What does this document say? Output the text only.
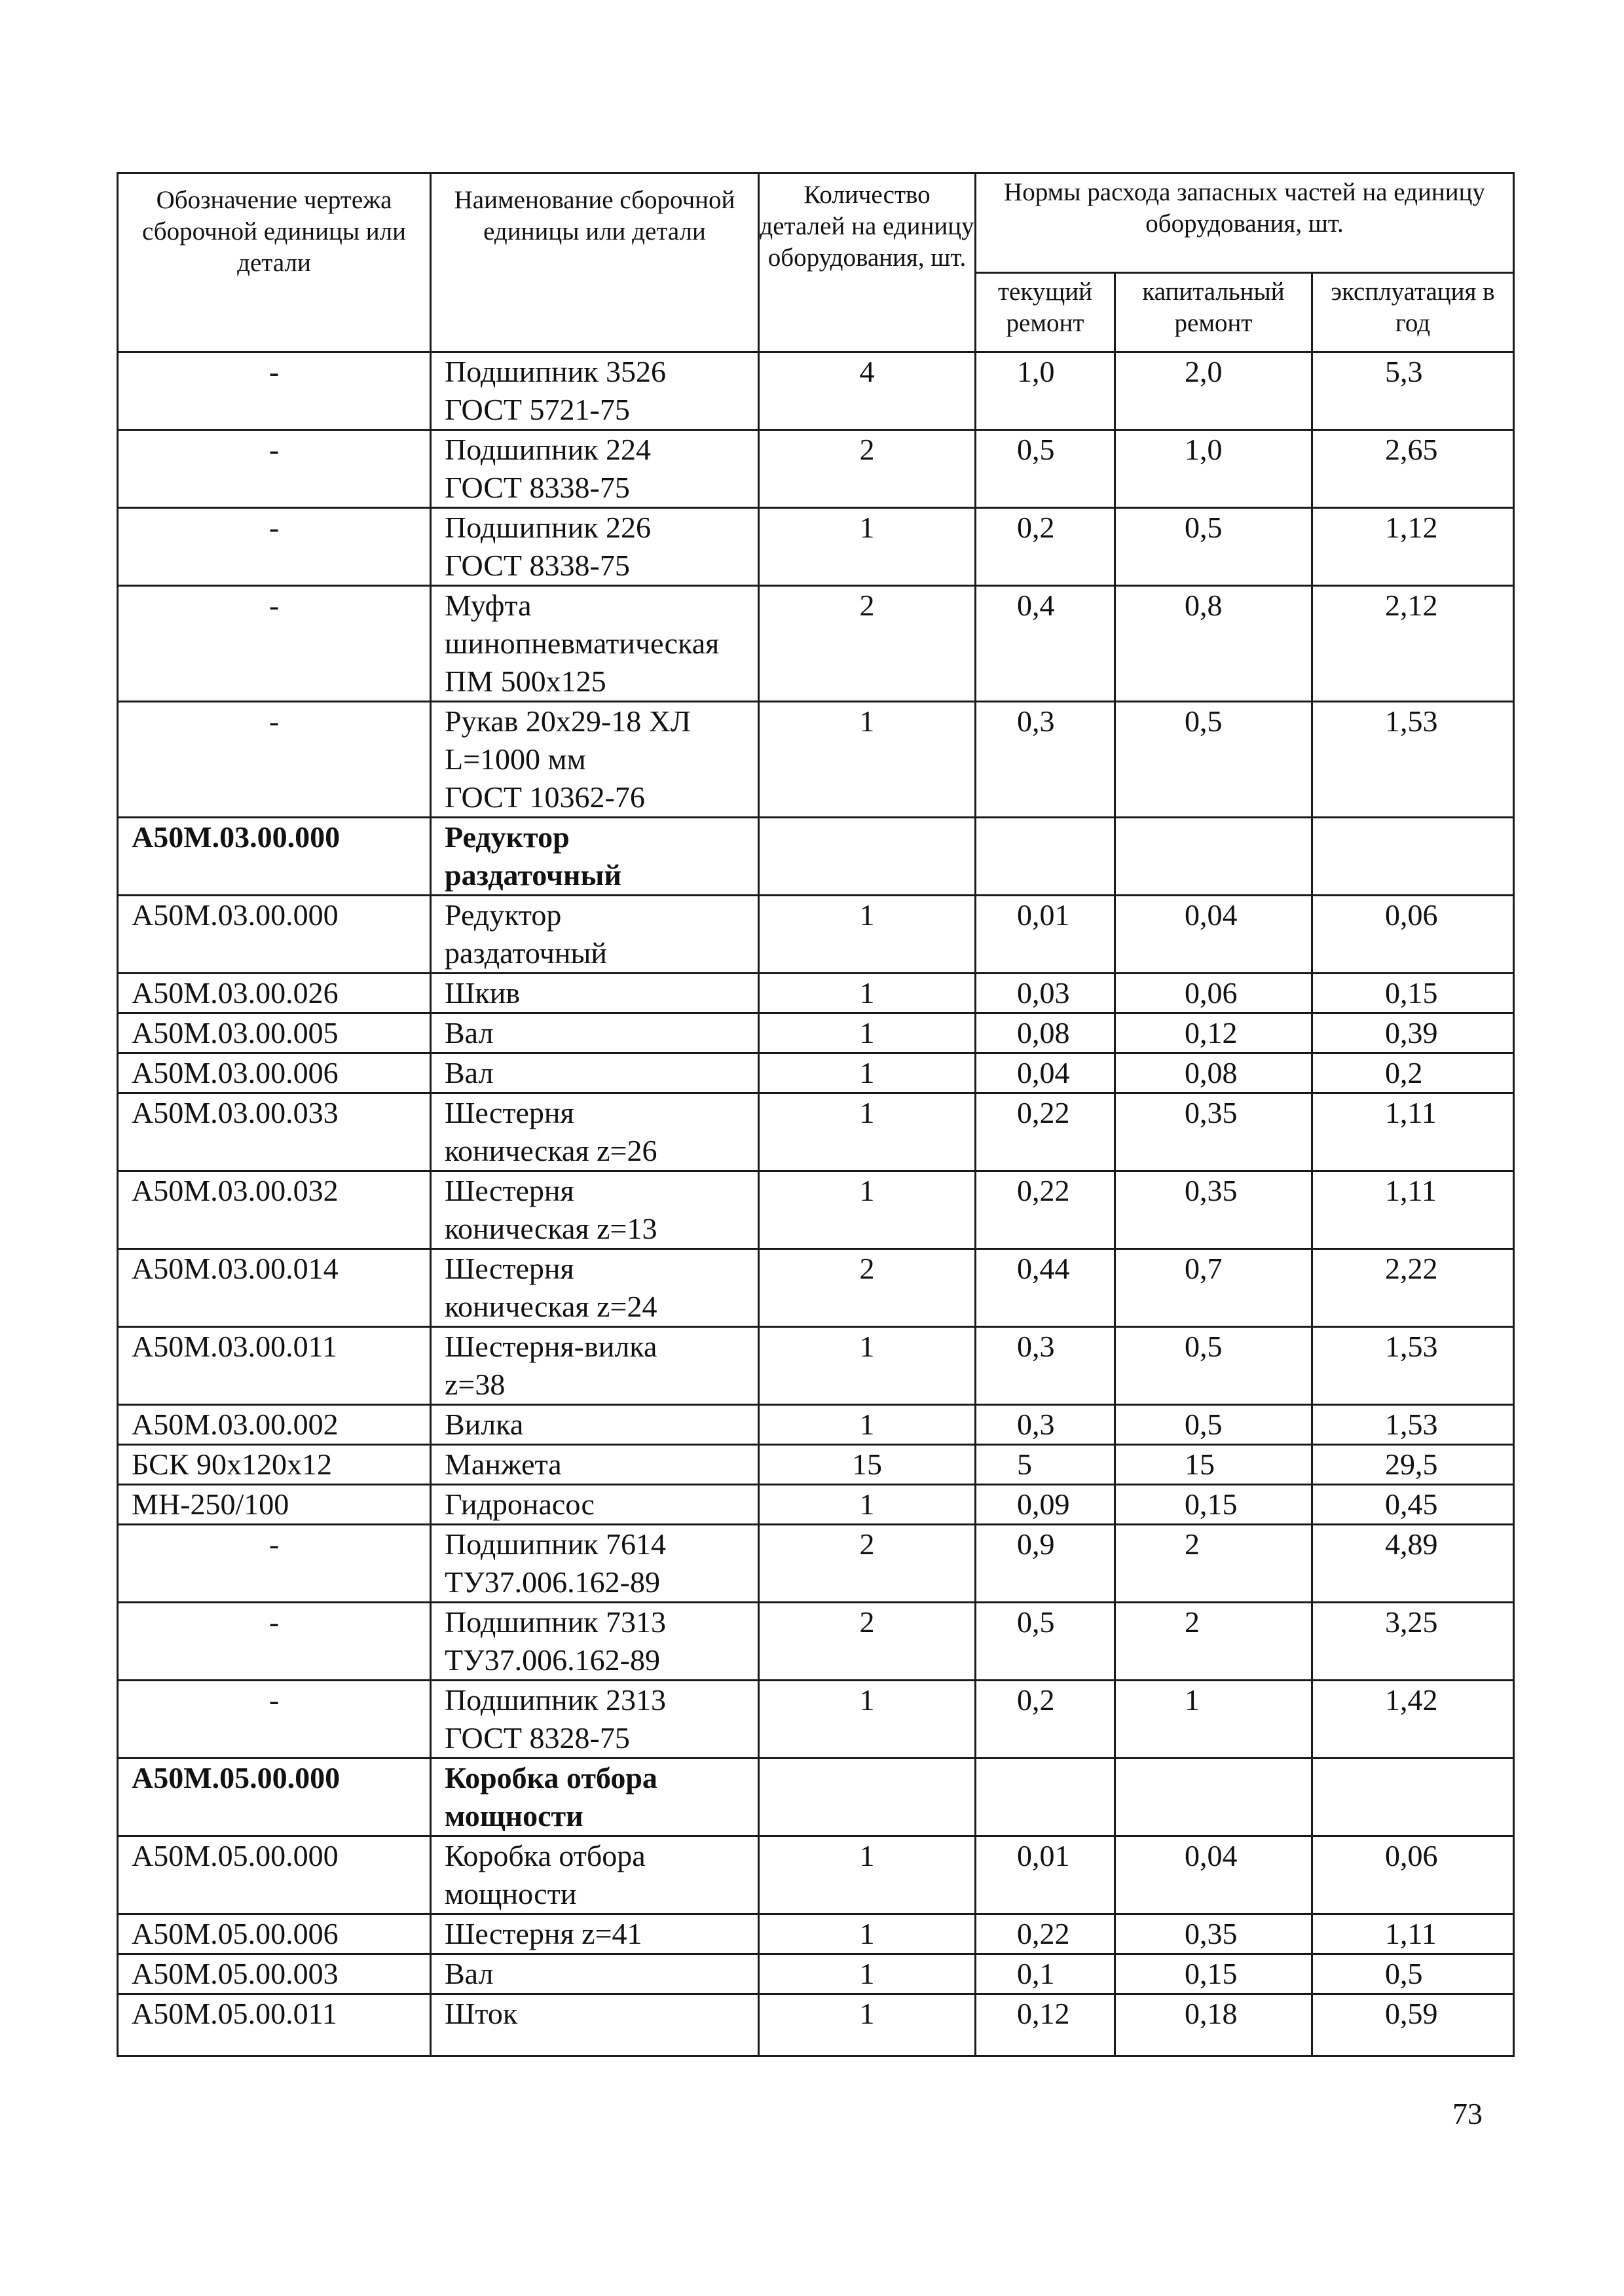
Обозначение чертежа сборочной единицы или детали	Наименование сборочной единицы или детали	Количество деталей на единицу оборудования, шт.	Нормы расхода запасных частей на единицу оборудования, шт.		
			текущий ремонт	капитальный ремонт	эксплуатация в год
-	Подшипник 3526
ГОСТ 5721-75	4	1,0	2,0	5,3
-	Подшипник 224
ГОСТ 8338-75	2	0,5	1,0	2,65
-	Подшипник 226
ГОСТ 8338-75	1	0,2	0,5	1,12
-	Муфта
шинопневматическая
ПМ 500х125	2	0,4	0,8	2,12
-	Рукав 20х29-18 ХЛ
L=1000 мм
ГОСТ 10362-76	1	0,3	0,5	1,53
А50М.03.00.000	Редуктор
раздаточный				
А50М.03.00.000	Редуктор
раздаточный	1	0,01	0,04	0,06
А50М.03.00.026	Шкив	1	0,03	0,06	0,15
А50М.03.00.005	Вал	1	0,08	0,12	0,39
А50М.03.00.006	Вал	1	0,04	0,08	0,2
А50М.03.00.033	Шестерня
коническая z=26	1	0,22	0,35	1,11
А50М.03.00.032	Шестерня
коническая z=13	1	0,22	0,35	1,11
А50М.03.00.014	Шестерня
коническая z=24	2	0,44	0,7	2,22
А50М.03.00.011	Шестерня-вилка
z=38	1	0,3	0,5	1,53
А50М.03.00.002	Вилка	1	0,3	0,5	1,53
БСК 90х120х12	Манжета	15	5	15	29,5
МН-250/100	Гидронасос	1	0,09	0,15	0,45
-	Подшипник 7614
ТУ37.006.162-89	2	0,9	2	4,89
-	Подшипник 7313
ТУ37.006.162-89	2	0,5	2	3,25
-	Подшипник 2313
ГОСТ 8328-75	1	0,2	1	1,42
А50М.05.00.000	Коробка отбора
мощности				
А50М.05.00.000	Коробка отбора
мощности	1	0,01	0,04	0,06
А50М.05.00.006	Шестерня z=41	1	0,22	0,35	1,11
А50М.05.00.003	Вал	1	0,1	0,15	0,5
А50М.05.00.011	Шток	1	0,12	0,18	0,59
73
